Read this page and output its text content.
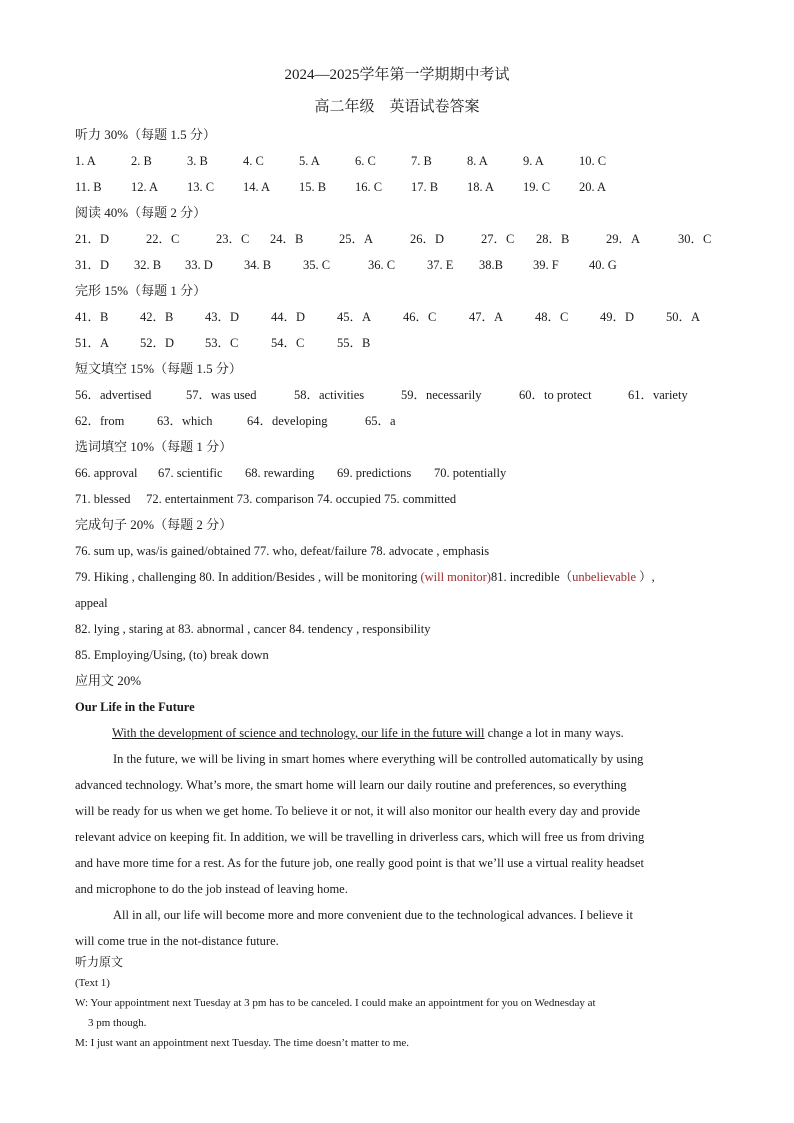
2024—2025学年第一学期期中考试
高二年级　英语试卷答案
听力 30%（每题 1.5 分）
1. A	2. B	3. B	4. C	5. A	6. C	7. B	8. A	9. A	10. C
11. B 12. A 13. C 14. A 15. B 16. C 17. B 18. A 19. C 20. A
阅读 40%（每题 2 分）
21．D	22．C	23．C 24．B	25．A	26．D	27．C 28．B	29．A	30．C
31．D 32. B 33. D 34. B	35. C	36. C	37. E 38.B 39. F 40. G
完形 15%（每题 1 分）
41．B	42．B	43．D	44．D	45．A	46．C	47．A	48．C	49．D	50．A
51．A 52．D 53．C	54．C	55．B
短文填空 15%（每题 1.5 分）
56．advertised	57．was used	58．activities	59．necessarily	60．to protect	61．variety
62．from	63．which	64．developing	65．a
选词填空 10%（每题 1 分）
66. approval 67. scientific 68. rewarding 69. predictions 70. potentially
71. blessed　 72. entertainment 73. comparison 74. occupied 75. committed
完成句子 20%（每题 2 分）
76. sum up, was/is gained/obtained 77. who, defeat/failure 78. advocate , emphasis
79. Hiking , challenging 80. In addition/Besides , will be monitoring (will monitor)81. incredible（unbelievable ）,
appeal
82. lying , staring at 83. abnormal , cancer 84. tendency , responsibility
85. Employing/Using, (to) break down
应用文 20%
Our Life in the Future
With the development of science and technology, our life in the future will change a lot in many ways.
In the future, we will be living in smart homes where everything will be controlled automatically by using
advanced technology. What’s more, the smart home will learn our daily routine and preferences, so everything
will be ready for us when we get home. To believe it or not, it will also monitor our health every day and provide
relevant advice on keeping fit. In addition, we will be travelling in driverless cars, which will free us from driving
and have more time for a rest. As for the future job, one really good point is that we’ll use a virtual reality headset
and microphone to do the job instead of leaving home.
All in all, our life will become more and more convenient due to the technological advances. I believe it
will come true in the not-distance future.
听力原文
(Text 1)
W: Your appointment next Tuesday at 3 pm has to be canceled. I could make an appointment for you on Wednesday at
3 pm though.
M: I just want an appointment next Tuesday. The time doesn’t matter to me.
